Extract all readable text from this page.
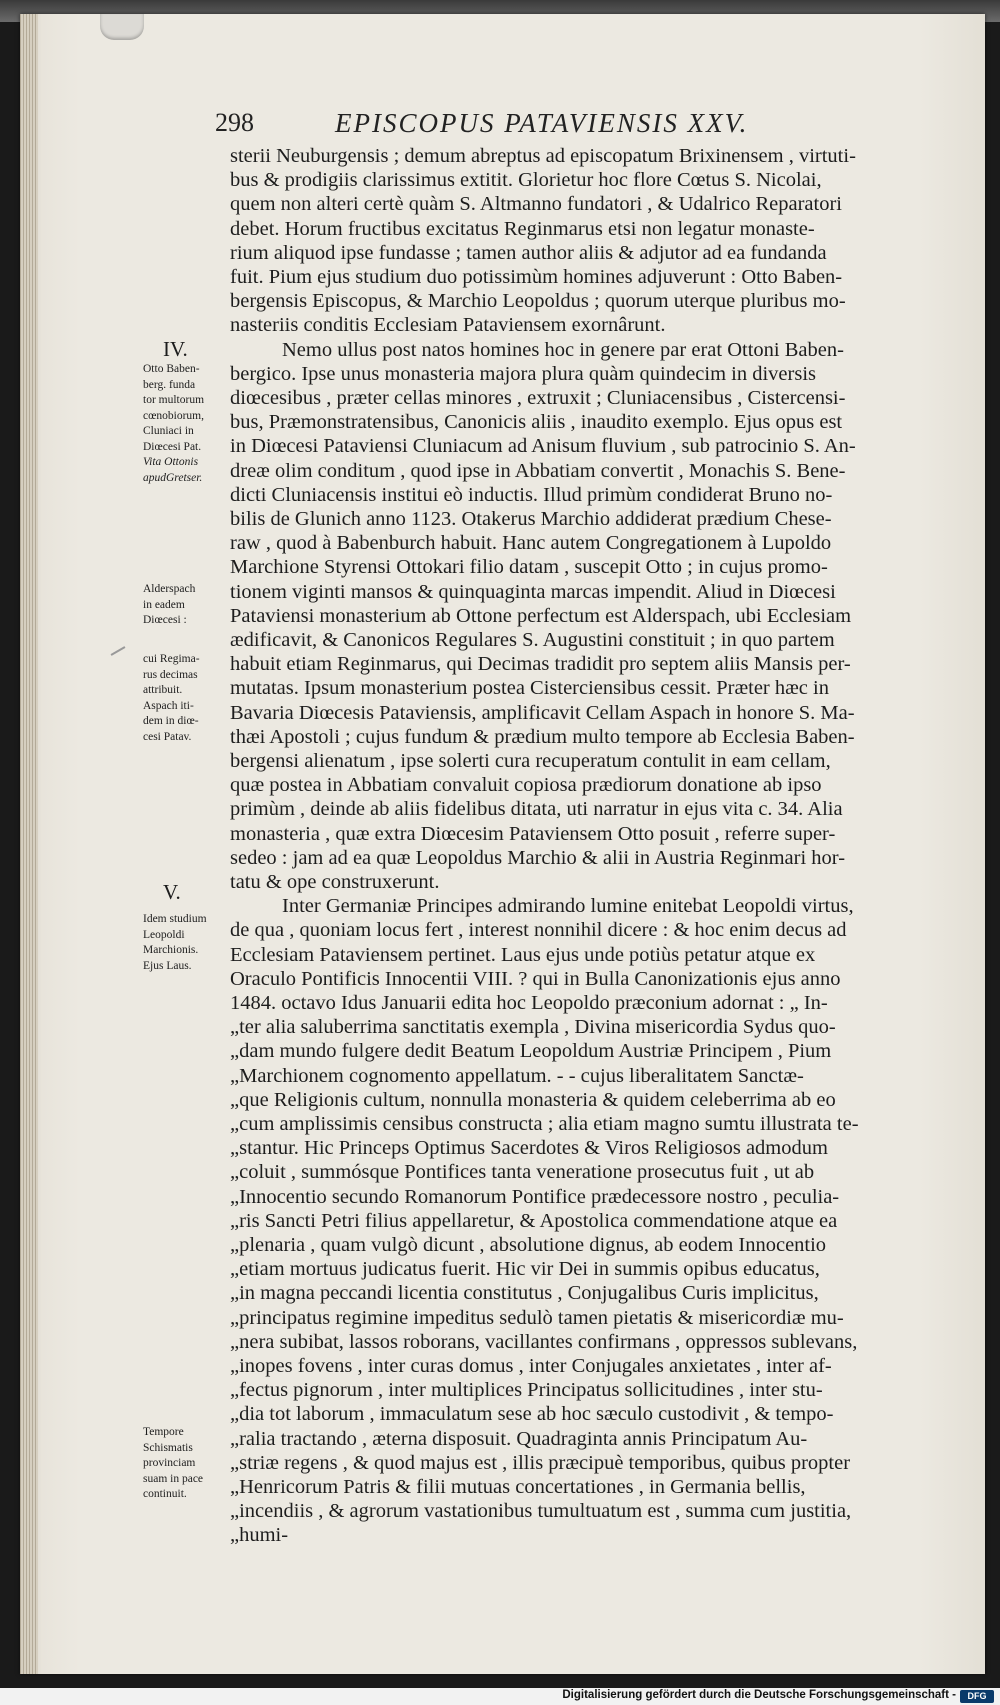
298	EPISCOPUS PATAVIENSIS XXV.
sterii Neuburgensis ; demum abreptus ad episcopatum Brixinensem , virtuti-
bus & prodigiis clarissimus extitit. Glorietur hoc flore Cœtus S. Nicolai,
quem non alteri certè quàm S. Altmanno fundatori , & Udalrico Reparatori
debet. Horum fructibus excitatus Reginmarus etsi non legatur monaste-
rium aliquod ipse fundasse ; tamen author aliis & adjutor ad ea fundanda
fuit. Pium ejus studium duo potissimùm homines adjuverunt : Otto Baben-
bergensis Episcopus, & Marchio Leopoldus ; quorum uterque pluribus mo-
nasteriis conditis Ecclesiam Pataviensem exornârunt.
Nemo ullus post natos homines hoc in genere par erat Ottoni Baben-
bergico. Ipse unus monasteria majora plura quàm quindecim in diversis
diœcesibus , præter cellas minores , extruxit ; Cluniacensibus , Cistercensi-
bus, Præmonstratensibus, Canonicis aliis , inaudito exemplo. Ejus opus est
in Diœcesi Pataviensi Cluniacum ad Anisum fluvium , sub patrocinio S. An-
dreæ olim conditum , quod ipse in Abbatiam convertit , Monachis S. Bene-
dicti Cluniacensis institui eò inductis. Illud primùm condiderat Bruno no-
bilis de Glunich anno 1123. Otakerus Marchio addiderat prædium Chese-
raw , quod à Babenburch habuit. Hanc autem Congregationem à Lupoldo
Marchione Styrensi Ottokari filio datam , suscepit Otto ; in cujus promo-
tionem viginti mansos & quinquaginta marcas impendit. Aliud in Diœcesi
Pataviensi monasterium ab Ottone perfectum est Aldersрach, ubi Ecclesiam
ædificavit, & Canonicos Regulares S. Augustini constituit ; in quo partem
habuit etiam Reginmarus, qui Decimas tradidit pro septem aliis Mansis per-
mutatas. Ipsum monasterium postea Cisterciensibus cessit. Præter hæc in
Bavaria Diœcesis Pataviensis, amplificavit Cellam Aspach in honore S. Ma-
thæi Apostoli ; cujus fundum & prædium multo tempore ab Ecclesia Baben-
bergensi alienatum , ipse solerti cura recuperatum contulit in eam cellam,
quæ postea in Abbatiam convaluit copiosa prædiorum donatione ab ipso
primùm , deinde ab aliis fidelibus ditata, uti narratur in ejus vita c. 34. Alia
monasteria , quæ extra Diœcesim Pataviensem Otto posuit , referre super-
sedeo : jam ad ea quæ Leopoldus Marchio & alii in Austria Reginmari hor-
tatu & ope construxerunt.
Inter Germaniæ Principes admirando lumine enitebat Leopoldi virtus,
de qua , quoniam locus fert , interest nonnihil dicere : & hoc enim decus ad
Ecclesiam Pataviensem pertinet. Laus ejus unde potiùs petatur atque ex
Oraculo Pontificis Innocentii VIII. ? qui in Bulla Canonizationis ejus anno
1484. octavo Idus Januarii edita hoc Leopoldo præconium adornat : „ In-
„ter alia saluberrima sanctitatis exempla , Divina misericordia Sydus quo-
„dam mundo fulgere dedit Beatum Leopoldum Austriæ Principem , Pium
„Marchionem cognomento appellatum. - - cujus liberalitatem Sanctæ-
„que Religionis cultum, nonnulla monasteria & quidem celeberrima ab eo
„cum amplissimis censibus constructa ; alia etiam magno sumtu illustrata te-
„stantur. Hic Princeps Optimus Sacerdotes & Viros Religiosos admodum
„coluit , summósque Pontifices tanta veneratione prosecutus fuit , ut ab
„Innocentio secundo Romanorum Pontifice prædecessore nostro , peculia-
„ris Sancti Petri filius appellaretur, & Apostolica commendatione atque ea
„plenaria , quam vulgò dicunt , absolutione dignus, ab eodem Innocentio
„etiam mortuus judicatus fuerit. Hic vir Dei in summis opibus educatus,
„in magna peccandi licentia constitutus , Conjugalibus Curis implicitus,
„principatus regimine impeditus sedulò tamen pietatis & misericordiæ mu-
„nera subibat, lassos roborans, vacillantes confirmans , oppressos sublevans,
„inopes fovens , inter curas domus , inter Conjugales anxietates , inter af-
„fectus pignorum , inter multiplices Principatus sollicitudines , inter stu-
„dia tot laborum , immaculatum sese ab hoc sæculo custodivit , & tempo-
„ralia tractando , æterna disposuit. Quadraginta annis Principatum Au-
„striæ regens , & quod majus est , illis præcipuè temporibus, quibus propter
„Henricorum Patris & filii mutuas concertationes , in Germania bellis,
„incendiis , & agrorum vastationibus tumultuatum est , summa cum justitia,
„humi-
IV.
V.
Otto Baben-
berg. funda
tor multorum
cœnobiorum,
Cluniaci in
Diœcesi Pat.
Vita Ottonis
apudGretser.
Aldersрach
in eadem
Diœcesi :
cui Regima-
rus decimas
attribuit.
Aspach iti-
dem in diœ-
cesi Patav.
Idem studium
Leopoldi
Marchionis.
Ejus Laus.
Tempore
Schismatis
provinciam
suam in pace
continuit.
Digitalisierung gefördert durch die Deutsche Forschungsgemeinschaft -	DFG
